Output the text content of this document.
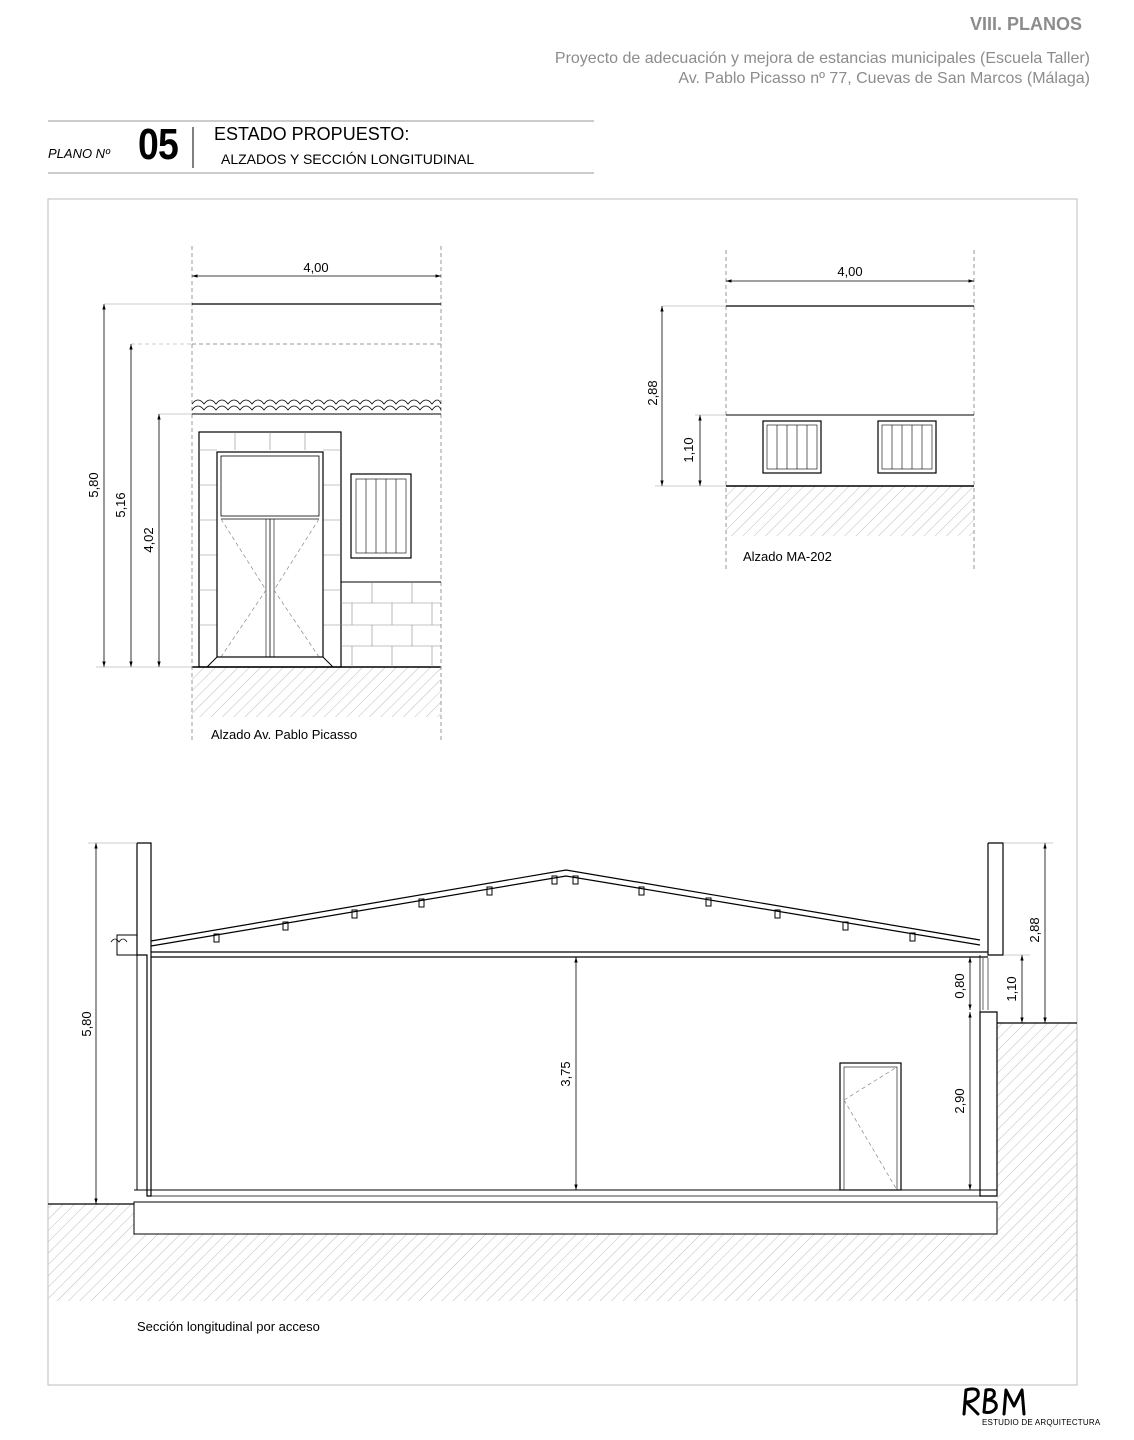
VIII. PLANOS
Proyecto de adecuación y mejora de estancias municipales (Escuela Taller)
Av. Pablo Picasso nº 77, Cuevas de San Marcos (Málaga)
PLANO Nº 05 ESTADO PROPUESTO:
ALZADOS Y SECCIÓN LONGITUDINAL
4,00
5,80
5,16
4,02
Alzado Av. Pablo Picasso
4,00
2,88
1,10
Alzado MA-202
5,80
3,75
2,88
1,10
0,80
2,90
Sección longitudinal por acceso
ESTUDIO DE ARQUITECTURA
